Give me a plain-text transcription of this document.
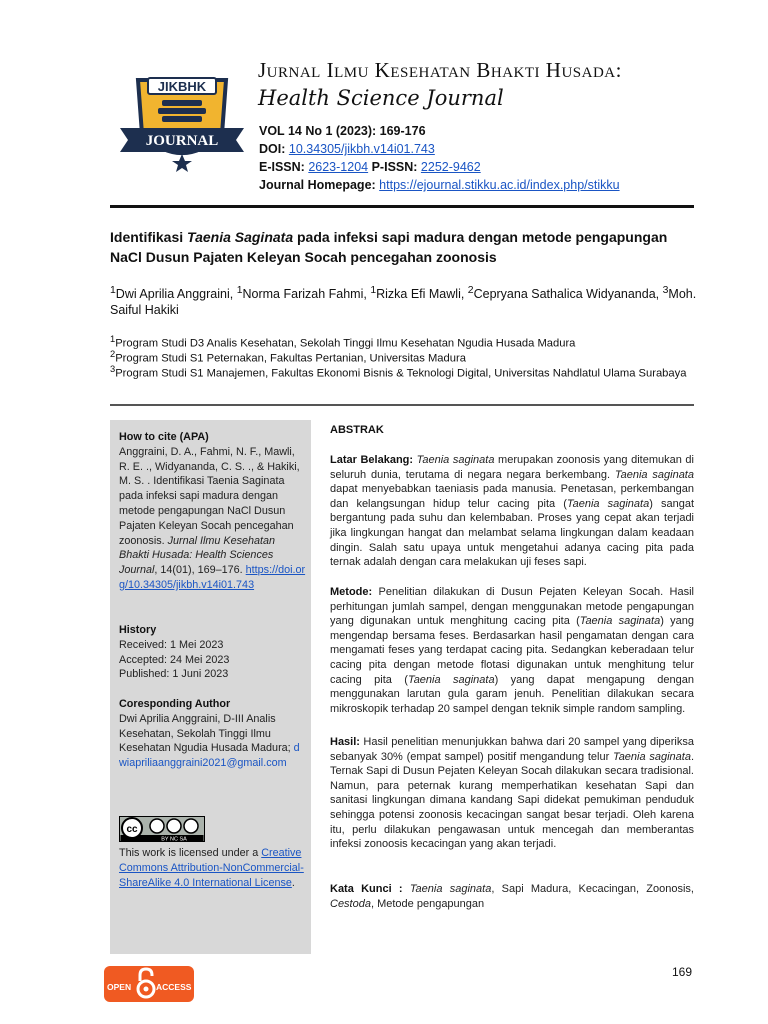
JIKBHK
JOURNAL
Jurnal Ilmu Kesehatan Bhakti Husada:
Health Science Journal
VOL 14 No 1 (2023): 169-176
DOI: 10.34305/jikbh.v14i01.743
E-ISSN: 2623-1204 P-ISSN: 2252-9462
Journal Homepage: https://ejournal.stikku.ac.id/index.php/stikku
Identifikasi Taenia Saginata pada infeksi sapi madura dengan metode pengapungan NaCl Dusun Pajaten Keleyan Socah pencegahan zoonosis
$^1$Dwi Aprilia Anggraini, $^1$Norma Farizah Fahmi, $^1$Rizka Efi Mawli, $^2$Cepryana Sathalica Widyananda, $^3$Moh. Saiful Hakiki
$^1$Program Studi D3 Analis Kesehatan, Sekolah Tinggi Ilmu Kesehatan Ngudia Husada Madura
$^2$Program Studi S1 Peternakan, Fakultas Pertanian, Universitas Madura
$^3$Program Studi S1 Manajemen, Fakultas Ekonomi Bisnis & Teknologi Digital, Universitas Nahdlatul Ulama Surabaya
How to cite (APA)
Anggraini, D. A., Fahmi, N. F., Mawli, R. E. ., Widyananda, C. S. ., & Hakiki, M. S. . Identifikasi Taenia Saginata pada infeksi sapi madura dengan metode pengapungan NaCl Dusun Pajaten Keleyan Socah pencegahan zoonosis. Jurnal Ilmu Kesehatan Bhakti Husada: Health Sciences Journal, 14(01), 169–176. https://doi.org/10.34305/jikbh.v14i01.743
History
Received: 1 Mei 2023
Accepted: 24 Mei 2023
Published: 1 Juni 2023
Coresponding Author
Dwi Aprilia Anggraini, D-III Analis Kesehatan, Sekolah Tinggi Ilmu Kesehatan Ngudia Husada Madura; dwiapriliaanggraini2021@gmail.com
cc
BY NC SA
This work is licensed under a Creative Commons Attribution-NonCommercial-ShareAlike 4.0 International License.
ABSTRAK
Latar Belakang: Taenia saginata merupakan zoonosis yang ditemukan di seluruh dunia, terutama di negara negara berkembang. Taenia saginata dapat menyebabkan taeniasis pada manusia. Penetasan, perkembangan dan kelangsungan hidup telur cacing pita (Taenia saginata) sangat bergantung pada suhu dan kelembaban. Proses yang cepat akan terjadi jika lingkungan hangat dan melambat selama lingkungan dalam keadaan dingin. Salah satu upaya untuk mengetahui adanya cacing pita pada ternak adalah dengan cara melakukan uji feses sapi.
Metode: Penelitian dilakukan di Dusun Pejaten Keleyan Socah. Hasil perhitungan jumlah sampel, dengan menggunakan metode pengapungan yang digunakan untuk menghitung cacing pita (Taenia saginata) yang mengendap bersama feses. Berdasarkan hasil pengamatan dengan cara mengamati feses yang terdapat cacing pita. Sedangkan keberadaan telur cacing pita dengan metode flotasi digunakan untuk menghitung telur cacing pita (Taenia saginata) yang dapat mengapung dengan menggunakan larutan gula garam jenuh. Penelitian dilakukan secara mikroskopik terhadap 20 sampel dengan teknik simple random sampling.
Hasil: Hasil penelitian menunjukkan bahwa dari 20 sampel yang diperiksa sebanyak 30% (empat sampel) positif mengandung telur Taenia saginata. Ternak Sapi di Dusun Pejaten Keleyan Socah dilakukan secara tradisional. Namun, para peternak kurang memperhatikan kesehatan Sapi dan sanitasi lingkungan dimana kandang Sapi didekat pemukiman penduduk sehingga potensi zoonosis kecacingan sangat besar terjadi. Oleh karena itu, perlu dilakukan pengawasan untuk mencegah dan memberantas infeksi zonoosis kecacingan yang akan terjadi.
Kata Kunci : Taenia saginata, Sapi Madura, Kecacingan, Zoonosis, Cestoda, Metode pengapungan
OPEN	ACCESS
169
